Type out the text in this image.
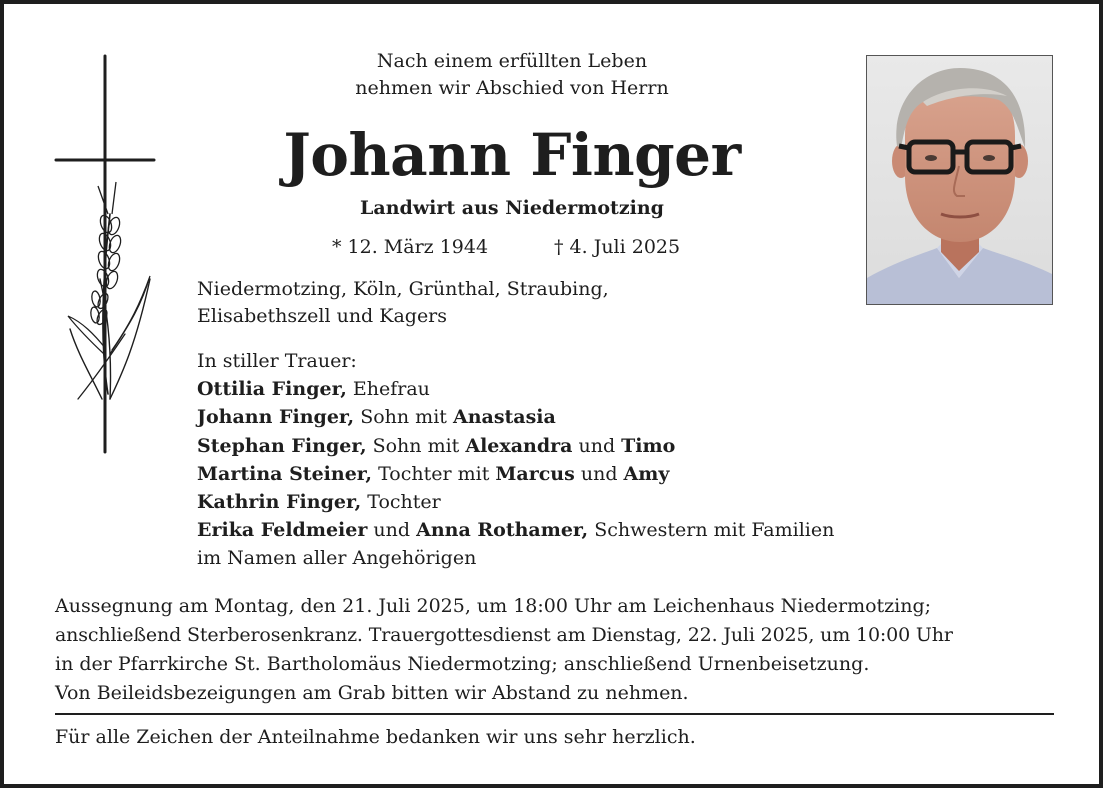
Nach einem erfüllten Leben
nehmen wir Abschied von Herrn
Johann Finger
Landwirt aus Niedermotzing
* 12. März 1944	† 4. Juli 2025
Niedermotzing, Köln, Grünthal, Straubing,
Elisabethszell und Kagers
In stiller Trauer:
Ottilia Finger, Ehefrau
Johann Finger, Sohn mit Anastasia
Stephan Finger, Sohn mit Alexandra und Timo
Martina Steiner, Tochter mit Marcus und Amy
Kathrin Finger, Tochter
Erika Feldmeier und Anna Rothamer, Schwestern mit Familien
im Namen aller Angehörigen
Aussegnung am Montag, den 21. Juli 2025, um 18:00 Uhr am Leichenhaus Niedermotzing;
anschließend Sterberosenkranz. Trauergottesdienst am Dienstag, 22. Juli 2025, um 10:00 Uhr
in der Pfarrkirche St. Bartholomäus Niedermotzing; anschließend Urnenbeisetzung.
Von Beileidsbezeigungen am Grab bitten wir Abstand zu nehmen.
Für alle Zeichen der Anteilnahme bedanken wir uns sehr herzlich.
